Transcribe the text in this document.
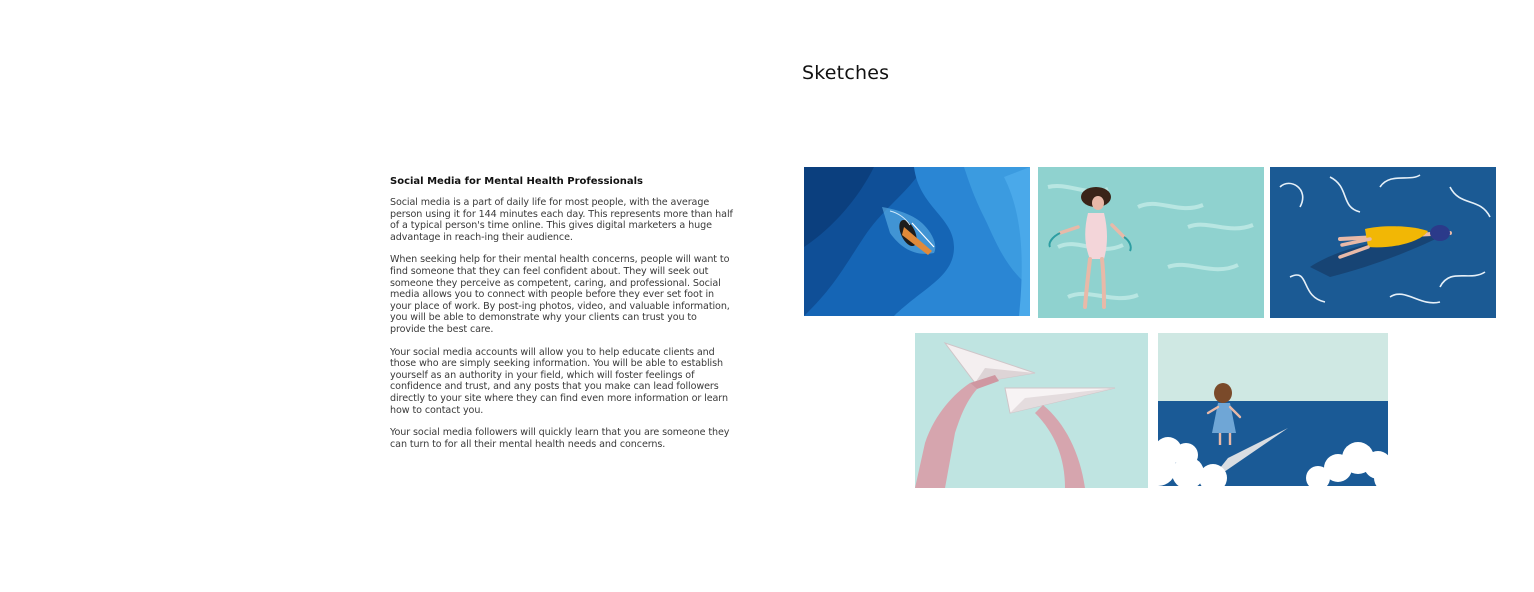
Sketches
Social Media for Mental Health Professionals

Social media is a part of daily life for most people, with the average person using it for 144 minutes each day. This represents more than half of a typical person's time online. This gives digital marketers a huge advantage in reach-ing their audience.

When seeking help for their mental health concerns, people will want to find someone that they can feel confident about. They will seek out someone they perceive as competent, caring, and professional. Social media allows you to connect with people before they ever set foot in your place of work. By post-ing photos, video, and valuable information, you will be able to demonstrate why your clients can trust you to provide the best care.

Your social media accounts will allow you to help educate clients and those who are simply seeking information. You will be able to establish yourself as an authority in your field, which will foster feelings of confidence and trust, and any posts that you make can lead followers directly to your site where they can find even more information or learn how to contact you.

Your social media followers will quickly learn that you are someone they can turn to for all their mental health needs and concerns.
